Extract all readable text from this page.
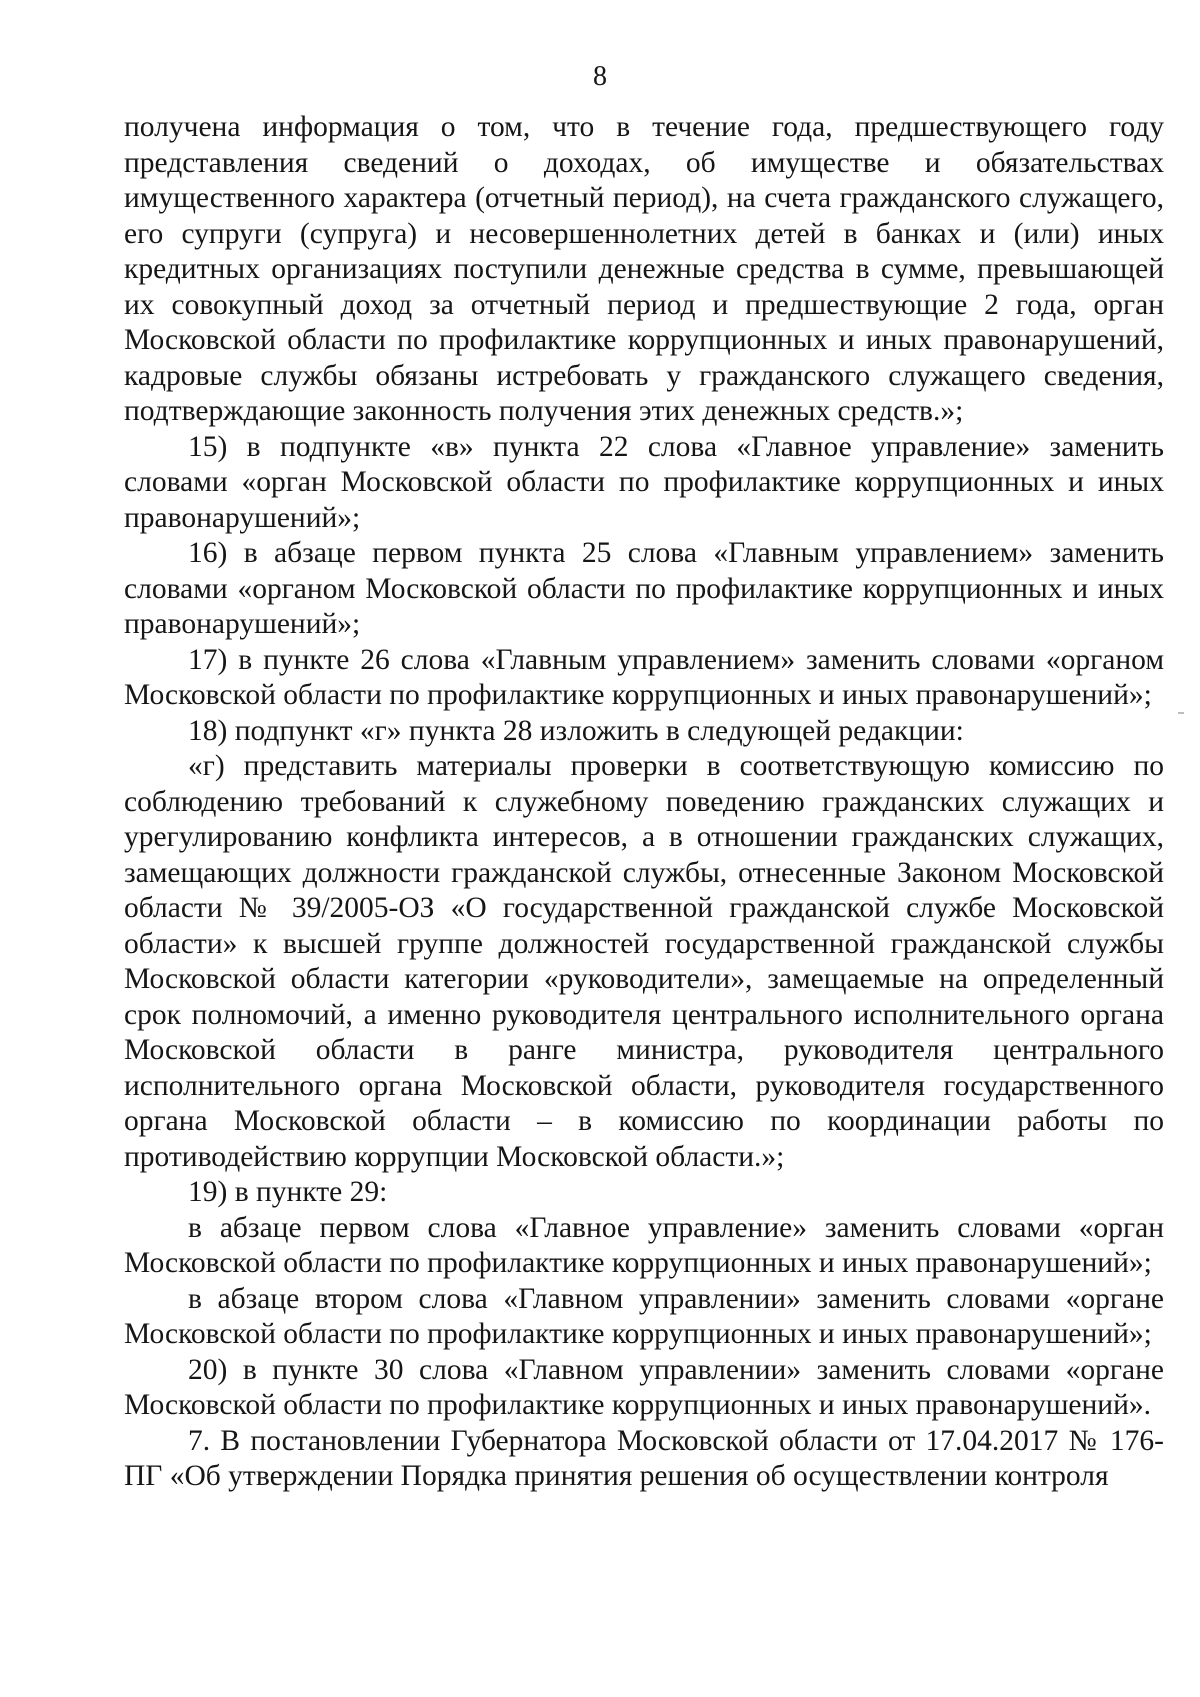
8

получена информация о том, что в течение года, предшествующего году представления сведений о доходах, об имуществе и обязательствах имущественного характера (отчетный период), на счета гражданского служащего, его супруги (супруга) и несовершеннолетних детей в банках и (или) иных кредитных организациях поступили денежные средства в сумме, превышающей их совокупный доход за отчетный период и предшествующие 2 года, орган Московской области по профилактике коррупционных и иных правонарушений, кадровые службы обязаны истребовать у гражданского служащего сведения, подтверждающие законность получения этих денежных средств.»;

15) в подпункте «в» пункта 22 слова «Главное управление» заменить словами «орган Московской области по профилактике коррупционных и иных правонарушений»;

16) в абзаце первом пункта 25 слова «Главным управлением» заменить словами «органом Московской области по профилактике коррупционных и иных правонарушений»;

17) в пункте 26 слова «Главным управлением» заменить словами «органом Московской области по профилактике коррупционных и иных правонарушений»;

18) подпункт «г» пункта 28 изложить в следующей редакции:

«г) представить материалы проверки в соответствующую комиссию по соблюдению требований к служебному поведению гражданских служащих и урегулированию конфликта интересов, а в отношении гражданских служащих, замещающих должности гражданской службы, отнесенные Законом Московской области № 39/2005-ОЗ «О государственной гражданской службе Московской области» к высшей группе должностей государственной гражданской службы Московской области категории «руководители», замещаемые на определенный срок полномочий, а именно руководителя центрального исполнительного органа Московской области в ранге министра, руководителя центрального исполнительного органа Московской области, руководителя государственного органа Московской области – в комиссию по координации работы по противодействию коррупции Московской области.»;

19) в пункте 29:

в абзаце первом слова «Главное управление» заменить словами «орган Московской области по профилактике коррупционных и иных правонарушений»;

в абзаце втором слова «Главном управлении» заменить словами «органе Московской области по профилактике коррупционных и иных правонарушений»;

20) в пункте 30 слова «Главном управлении» заменить словами «органе Московской области по профилактике коррупционных и иных правонарушений».

7. В постановлении Губернатора Московской области от 17.04.2017 № 176-ПГ «Об утверждении Порядка принятия решения об осуществлении контроля
